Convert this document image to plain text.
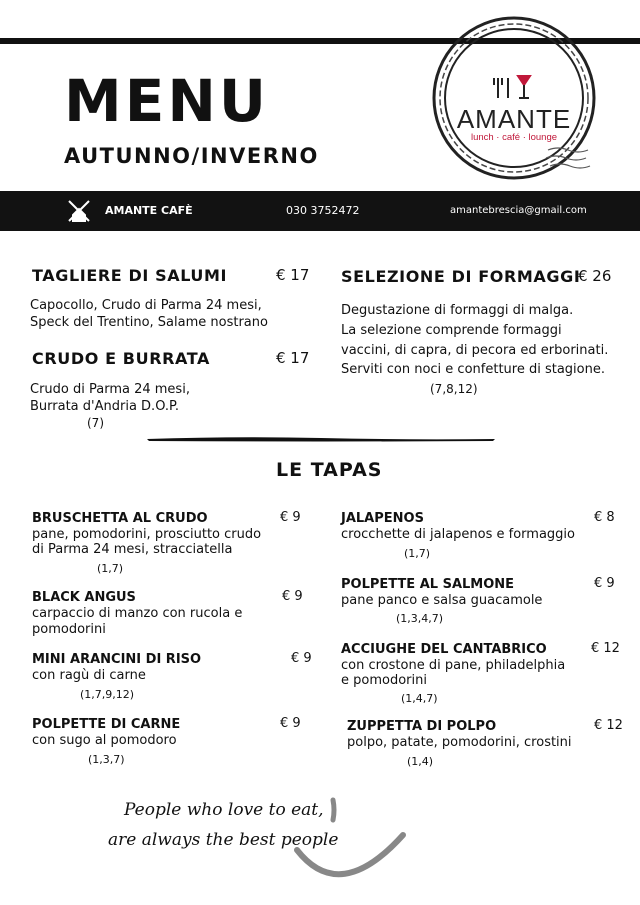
MENU
AUTUNNO/INVERNO
AMANTE
lunch · café · lounge
AMANTE CAFÈ	030 3752472	amantebrescia@gmail.com
TAGLIERE DI SALUMI	€ 17
Capocollo, Crudo di Parma 24 mesi,
Speck del Trentino, Salame nostrano
CRUDO E BURRATA	€ 17
Crudo di Parma 24 mesi,
Burrata d'Andria D.O.P.
(7)
SELEZIONE DI FORMAGGI
€ 26
Degustazione di formaggi di malga.
La selezione comprende formaggi
vaccini, di capra, di pecora ed erborinati.
Serviti con noci e confetture di stagione.
(7,8,12)
LE TAPAS
BRUSCHETTA AL CRUDO	€ 9
pane, pomodorini, prosciutto crudo
di Parma 24 mesi, stracciatella
(1,7)
BLACK ANGUS	€ 9
carpaccio di manzo con rucola e
pomodorini
MINI ARANCINI DI RISO	€ 9
con ragù di carne
(1,7,9,12)
POLPETTE DI CARNE	€ 9
con sugo al pomodoro
(1,3,7)
JALAPENOS	€ 8
crocchette di jalapenos e formaggio
(1,7)
POLPETTE AL SALMONE	€ 9
pane panco e salsa guacamole
(1,3,4,7)
ACCIUGHE DEL CANTABRICO	€ 12
con crostone di pane, philadelphia
e pomodorini
(1,4,7)
ZUPPETTA DI POLPO	€ 12
polpo, patate, pomodorini, crostini
(1,4)
People who love to eat,
are always the best people
